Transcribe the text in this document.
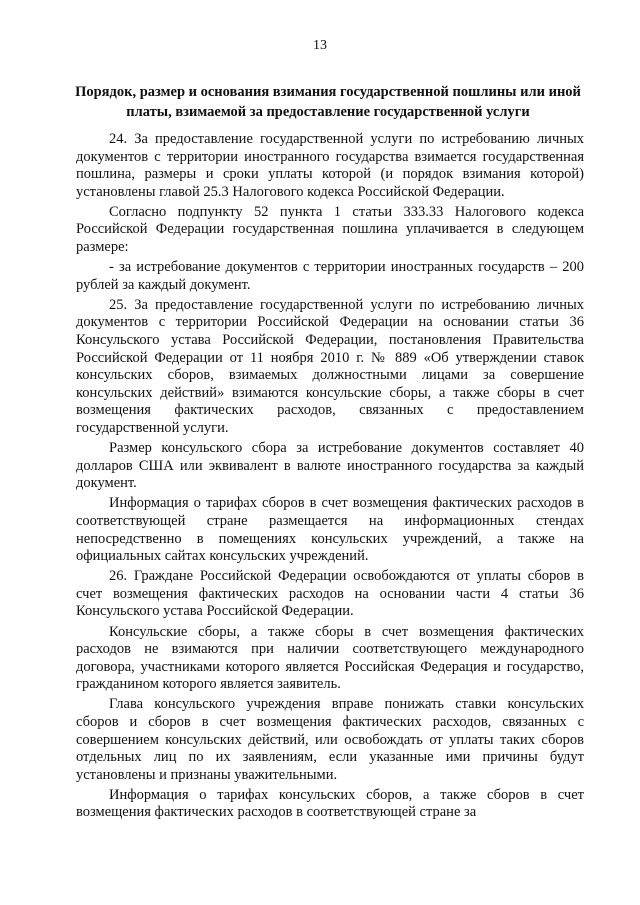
13
Порядок, размер и основания взимания государственной пошлины или иной платы, взимаемой за предоставление государственной услуги

24. За предоставление государственной услуги по истребованию личных документов с территории иностранного государства взимается государственная пошлина, размеры и сроки уплаты которой (и порядок взимания которой) установлены главой 25.3 Налогового кодекса Российской Федерации.

Согласно подпункту 52 пункта 1 статьи 333.33 Налогового кодекса Российской Федерации государственная пошлина уплачивается в следующем размере:

- за истребование документов с территории иностранных государств – 200 рублей за каждый документ.

25. За предоставление государственной услуги по истребованию личных документов с территории Российской Федерации на основании статьи 36 Консульского устава Российской Федерации, постановления Правительства Российской Федерации от 11 ноября 2010 г. № 889 «Об утверждении ставок консульских сборов, взимаемых должностными лицами за совершение консульских действий» взимаются консульские сборы, а также сборы в счет возмещения фактических расходов, связанных с предоставлением государственной услуги.

Размер консульского сбора за истребование документов составляет 40 долларов США или эквивалент в валюте иностранного государства за каждый документ.

Информация о тарифах сборов в счет возмещения фактических расходов в соответствующей стране размещается на информационных стендах непосредственно в помещениях консульских учреждений, а также на официальных сайтах консульских учреждений.

26. Граждане Российской Федерации освобождаются от уплаты сборов в счет возмещения фактических расходов на основании части 4 статьи 36 Консульского устава Российской Федерации.

Консульские сборы, а также сборы в счет возмещения фактических расходов не взимаются при наличии соответствующего международного договора, участниками которого является Российская Федерация и государство, гражданином которого является заявитель.

Глава консульского учреждения вправе понижать ставки консульских сборов и сборов в счет возмещения фактических расходов, связанных с совершением консульских действий, или освобождать от уплаты таких сборов отдельных лиц по их заявлениям, если указанные ими причины будут установлены и признаны уважительными.

Информация о тарифах консульских сборов, а также сборов в счет возмещения фактических расходов в соответствующей стране за
